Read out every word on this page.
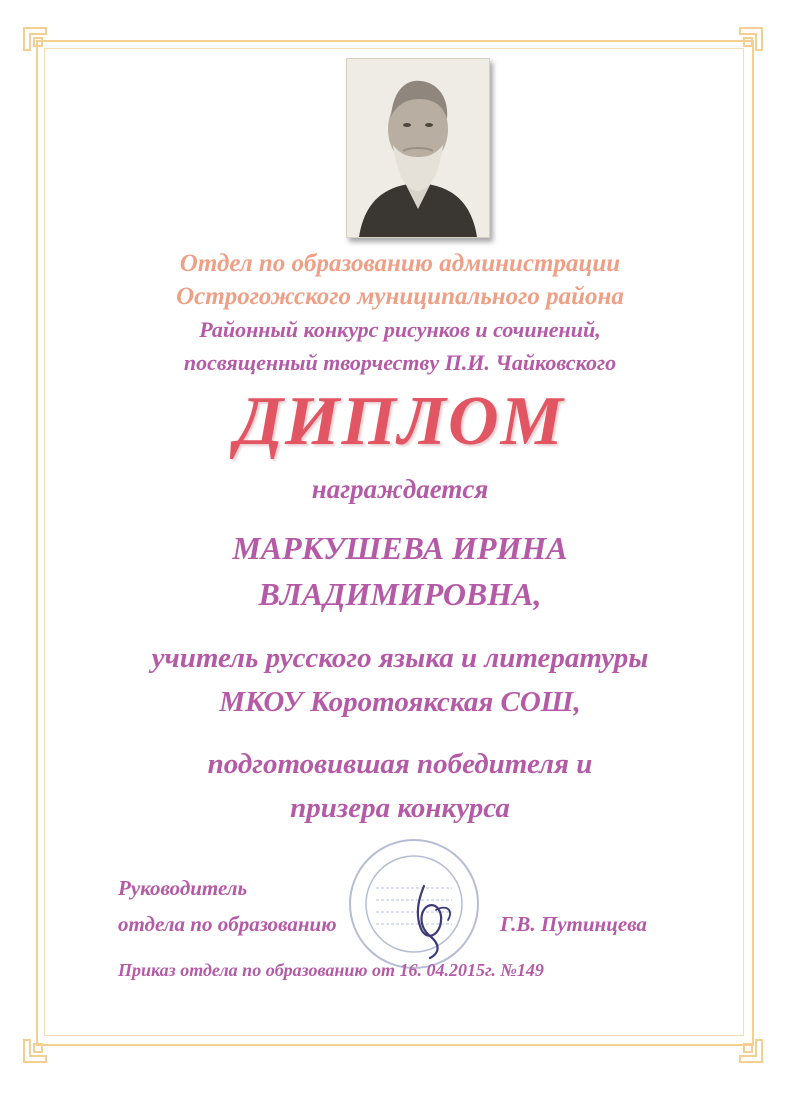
Отдел по образованию администрации
Острогожского муниципального района
Районный конкурс рисунков и сочинений,
посвященный творчеству П.И. Чайковского
ДИПЛОМ
награждается
МАРКУШЕВА ИРИНА
ВЛАДИМИРОВНА,
учитель русского языка и литературы
МКОУ Коротоякская СОШ,
подготовившая победителя и
призера конкурса
Руководитель
отдела по образованию	Г.В. Путинцева
Приказ отдела по образованию от 16. 04.2015г. №149
